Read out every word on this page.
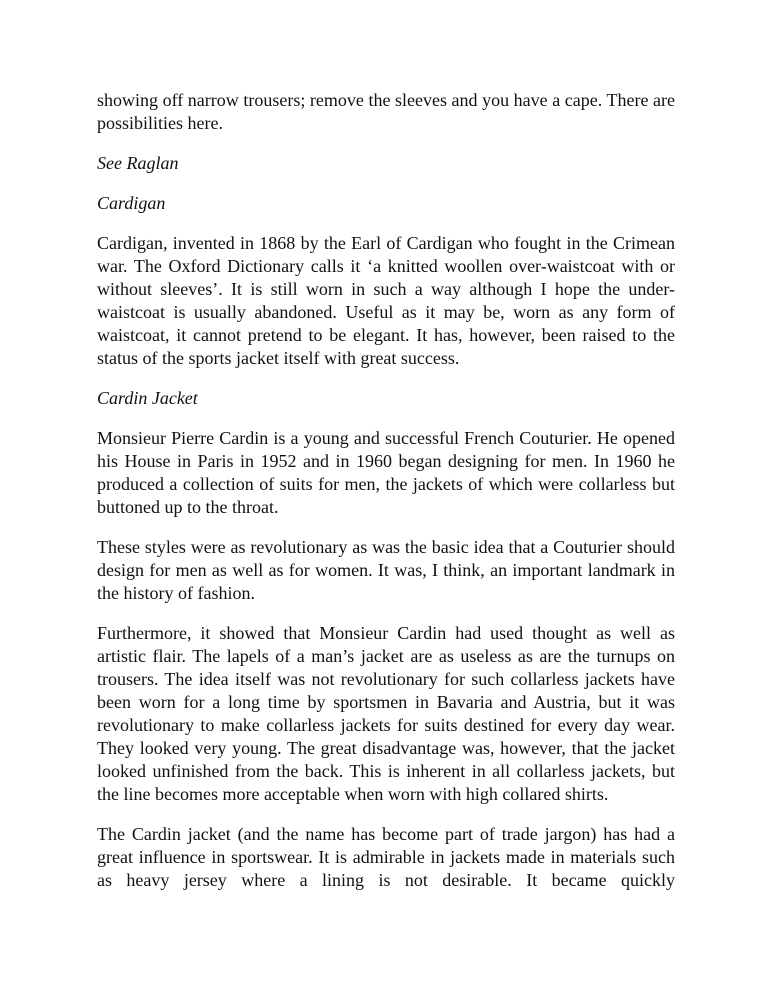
showing off narrow trousers; remove the sleeves and you have a cape. There are possibilities here.

See Raglan

Cardigan

Cardigan, invented in 1868 by the Earl of Cardigan who fought in the Crimean war. The Oxford Dictionary calls it ‘a knitted woollen over-waistcoat with or without sleeves’. It is still worn in such a way although I hope the under-waistcoat is usually abandoned. Useful as it may be, worn as any form of waistcoat, it cannot pretend to be elegant. It has, however, been raised to the status of the sports jacket itself with great success.

Cardin Jacket

Monsieur Pierre Cardin is a young and successful French Couturier. He opened his House in Paris in 1952 and in 1960 began designing for men. In 1960 he produced a collection of suits for men, the jackets of which were collarless but buttoned up to the throat.

These styles were as revolutionary as was the basic idea that a Couturier should design for men as well as for women. It was, I think, an important landmark in the history of fashion.

Furthermore, it showed that Monsieur Cardin had used thought as well as artistic flair. The lapels of a man’s jacket are as useless as are the turnups on trousers. The idea itself was not revolutionary for such collarless jackets have been worn for a long time by sportsmen in Bavaria and Austria, but it was revolutionary to make collarless jackets for suits destined for every day wear. They looked very young. The great disadvantage was, however, that the jacket looked unfinished from the back. This is inherent in all collarless jackets, but the line becomes more acceptable when worn with high collared shirts.

The Cardin jacket (and the name has become part of trade jargon) has had a great influence in sportswear. It is admirable in jackets made in materials such as heavy jersey where a lining is not desirable. It became quickly
